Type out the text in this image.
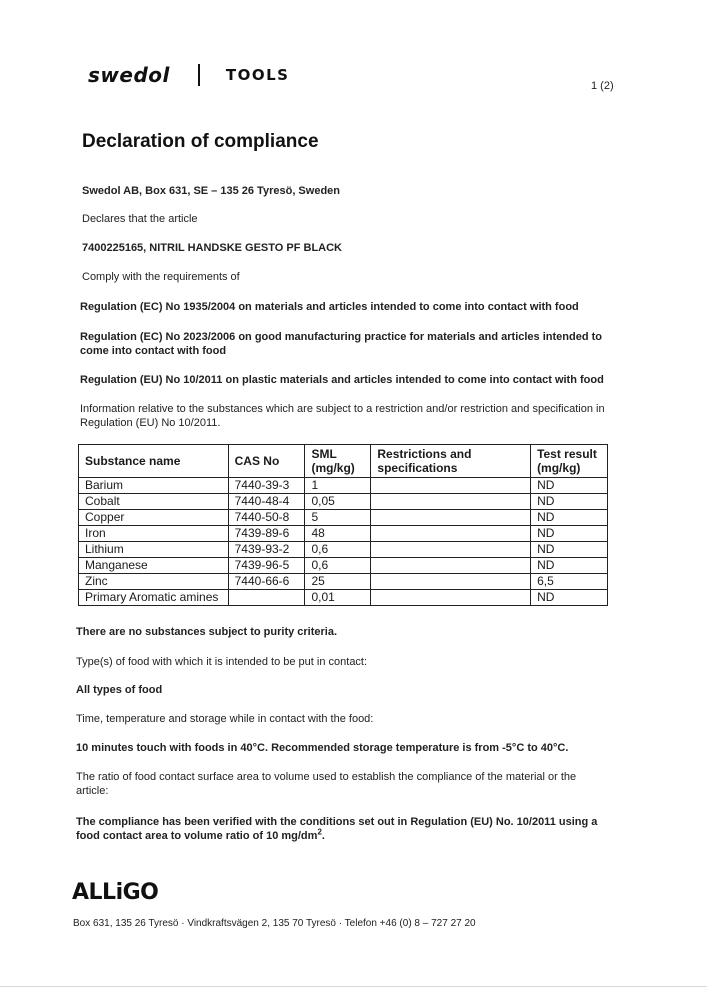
swedol	TOOLS
1 (2)
Declaration of compliance
Swedol AB, Box 631, SE – 135 26 Tyresö, Sweden
Declares that the article
7400225165, NITRIL HANDSKE GESTO PF BLACK
Comply with the requirements of
Regulation (EC) No 1935/2004 on materials and articles intended to come into contact with food
Regulation (EC) No 2023/2006 on good manufacturing practice for materials and articles intended to come into contact with food
Regulation (EU) No 10/2011 on plastic materials and articles intended to come into contact with food
Information relative to the substances which are subject to a restriction and/or restriction and specification in Regulation (EU) No 10/2011.
Substance name	CAS No	SML (mg/kg)	Restrictions and specifications	Test result (mg/kg)
Barium	7440-39-3	1		ND
Cobalt	7440-48-4	0,05		ND
Copper	7440-50-8	5		ND
Iron	7439-89-6	48		ND
Lithium	7439-93-2	0,6		ND
Manganese	7439-96-5	0,6		ND
Zinc	7440-66-6	25		6,5
Primary Aromatic amines		0,01		ND
There are no substances subject to purity criteria.
Type(s) of food with which it is intended to be put in contact:
All types of food
Time, temperature and storage while in contact with the food:
10 minutes touch with foods in 40°C. Recommended storage temperature is from -5°C to 40°C.
The ratio of food contact surface area to volume used to establish the compliance of the material or the article:
The compliance has been verified with the conditions set out in Regulation (EU) No. 10/2011 using a food contact area to volume ratio of 10 $mg/dm^2$.
ALLiGO
Box 631, 135 26 Tyresö · Vindkraftsvägen 2, 135 70 Tyresö · Telefon +46 (0) 8 – 727 27 20
